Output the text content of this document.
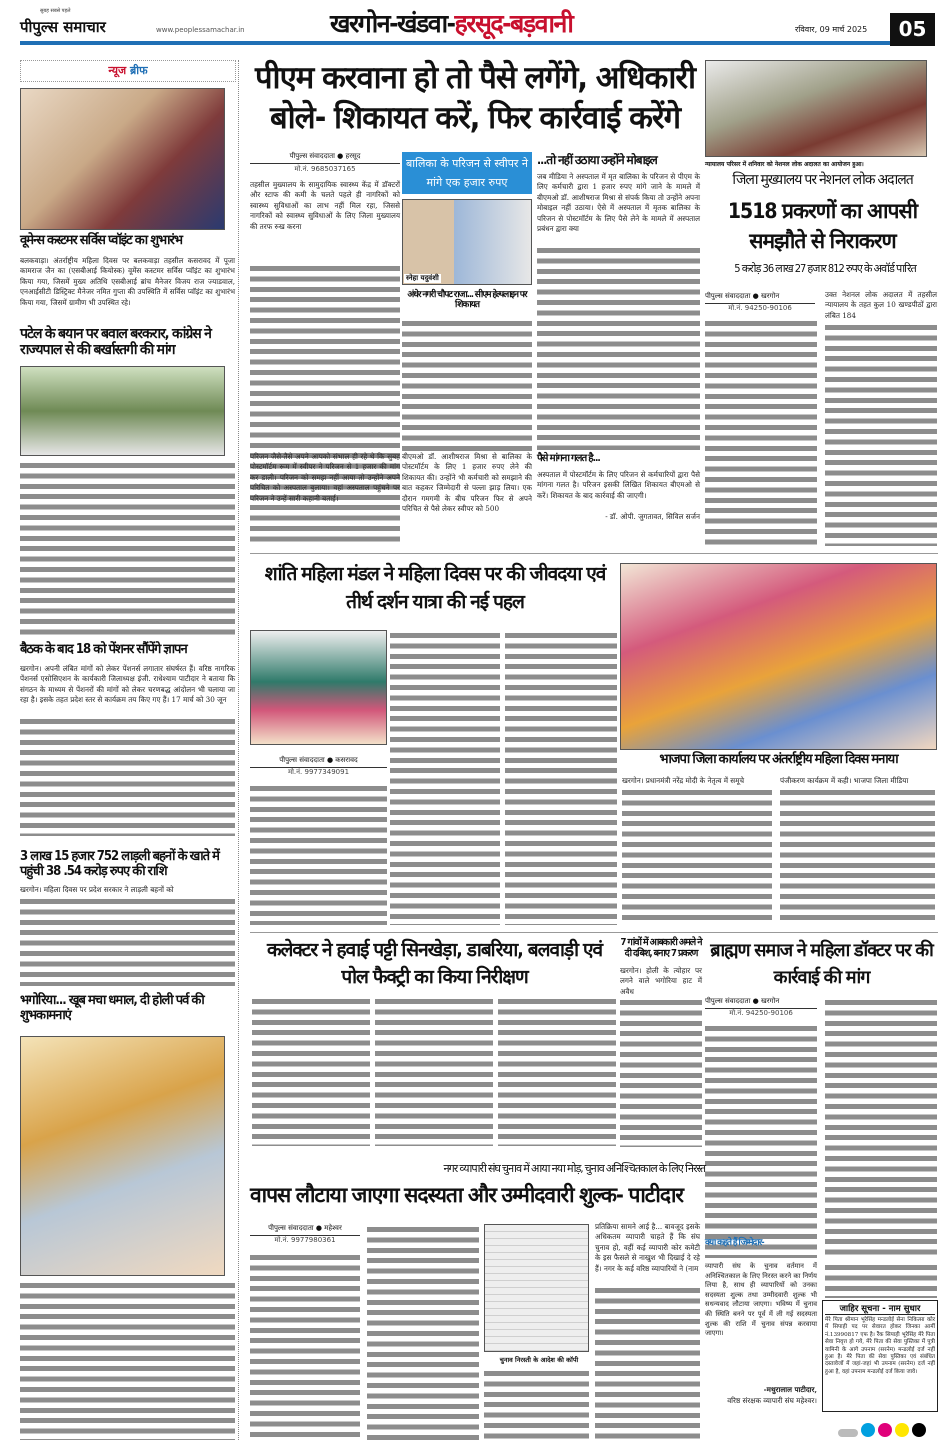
सुबह सबसे पहले
पीपुल्स समाचार	www.peoplessamachar.in	खरगोन-खंडवा-हरसूद-बड़वानी	रविवार, 09 मार्च 2025	05
न्यूज ब्रीफ
वूमेन्स कस्टमर सर्विस प्वॉइंट का शुभारंभ
बलकवाड़ा। अंतर्राष्ट्रीय महिला दिवस पर बलकवाड़ा तहसील कसरावद में पूजा कामराज जैन का (एसबीआई कियोस्क) वूमेंस कस्टमर सर्विस प्वॉइंट का शुभारंभ किया गया, जिसमें मुख्य अतिथि एसबीआई ब्रांच मैनेजर विजय राज ज्याडवाल, एनआईसीटी डिस्ट्रिक्ट मैनेजर नमित गुप्ता की उपस्थिति में सर्विस प्वॉइंट का शुभारंभ किया गया, जिसमें ग्रामीण भी उपस्थित रहे।
पटेल के बयान पर बवाल बरकरार, कांग्रेस ने राज्यपाल से की बर्खास्तगी की मांग
बैठक के बाद 18 को पेंशनर सौंपेंगे ज्ञापन
खरगोन। अपनी लंबित मांगों को लेकर पेंशनर्स लगातार संघर्षरत हैं। वरिष्ठ नागरिक पेंशनर्स एसोसिएशन के कार्यकारी जिलाध्यक्ष इंजी. राधेश्याम पाटीदार ने बताया कि संगठन के माध्यम से पेंशनरों की मांगों को लेकर चरणबद्ध आंदोलन भी चलाया जा रहा है। इसके तहत प्रदेश स्तर से कार्यक्रम तय किए गए हैं। 17 मार्च को 30 जून
3 लाख 15 हजार 752 लाड़ली बहनों के खाते में पहुंची 38 .54 करोड़ रुपए की राशि
खरगोन। महिला दिवस पर प्रदेश सरकार ने लाड़ली बहनों को
भगोरिया... खूब मचा धमाल, दी होली पर्व की शुभकामनाएं
पीएम करवाना हो तो पैसे लगेंगे, अधिकारी बोले- शिकायत करें, फिर कार्रवाई करेंगे
पीपुल्स संवाददाता ● हरसूद
मो.नं. 9685037165
तहसील मुख्यालय के सामुदायिक स्वास्थ्य केंद्र में डॉक्टरों और स्टाफ की कमी के चलते पहले ही नागरिकों को स्वास्थ्य सुविधाओं का लाभ नहीं मिल रहा, जिससे नागरिकों को स्वास्थ्य सुविधाओं के लिए जिला मुख्यालय की तरफ रुख करना
बालिका के परिजन से स्वीपर ने मांगे एक हजार रुपए
स्नेहा यदुवंशी
अंधेर नगरी चौपट राजा... सीएम हेल्पलाइन पर शिकायत
परिजन जैसे-तैसे अपने आपको संभाल ही रहे थे कि सुबह पोस्टमॉर्टम रूम में स्वीपर ने परिजन से 1 हजार की मांग कर डाली। परिजन को समझ नहीं आया तो उन्होंने अपने परिचित को अस्पताल बुलाया। वहां अस्पताल पहुंचने पर परिजन ने उन्हें सारी कहानी बताई।
बीएमओ डॉ. आशीषराज मिश्रा से बालिका के पोस्टमॉर्टम के लिए 1 हजार रुपए लेने की शिकायत की। उन्होंने भी कर्मचारी को समझाने की बात कहकर जिम्मेदारी से पल्ला झाड़ लिया। एक दौरान गमगमी के बीच परिजन फिर से अपने परिचित से पैसे लेकर स्वीपर को 500
...तो नहीं उठाया उन्होंने मोबाइल
जब मीडिया ने अस्पताल में मृत बालिका के परिजन से पीएम के लिए कर्मचारी द्वारा 1 हजार रुपए मांगे जाने के मामले में बीएमओ डॉ. आशीषराज मिश्रा से संपर्क किया तो उन्होंने अपना मोबाइल नहीं उठाया। ऐसे में अस्पताल में मृतक बालिका के परिजन से पोस्टमॉर्टम के लिए पैसे लेने के मामले में अस्पताल प्रबंधन द्वारा क्या
पैसे मांगना गलत है...
अस्पताल में पोस्टमॉर्टम के लिए परिजन से कर्मचारियों द्वारा पैसे मांगना गलत है। परिजन इसकी लिखित शिकायत बीएमओ से करें। शिकायत के बाद कार्रवाई की जाएगी।
- डॉ. ओपी. जुगतावत, सिविल सर्जन
न्यायालय परिसर में शनिवार को नेशनल लोक अदालत का आयोजन हुआ।
जिला मुख्यालय पर नेशनल लोक अदालत
1518 प्रकरणों का आपसी समझौते से निराकरण
5 करोड़ 36 लाख 27 हजार 812 रुपए के अवॉर्ड पारित
पीपुल्स संवाददाता ● खरगोन
मो.नं. 94250-90106
उक्त नेशनल लोक अदालत में तहसील न्यायालय के तहत कुल 10 खण्डपीठों द्वारा लंबित 184
शांति महिला मंडल ने महिला दिवस पर की जीवदया एवं तीर्थ दर्शन यात्रा की नई पहल
पीपुल्स संवाददाता ● कसरावद
मो.नं. 9977349091
भाजपा जिला कार्यालय पर अंतर्राष्ट्रीय महिला दिवस मनाया
खरगोन। प्रधानमंत्री नरेंद्र मोदी के नेतृत्व में समूचे	पंजीकरण कार्यक्रम में कही। भाजपा जिला मीडिया
कलेक्टर ने हवाई पट्टी सिनखेड़ा, डाबरिया, बलवाड़ी एवं पोल फैक्ट्री का किया निरीक्षण
7 गांवों में आबकारी अमले ने दी दबिश, बनाए 7 प्रकरण
खरगोन। होली के त्योहार पर लगने वाले भगोरिया हाट में अवैध
ब्राह्मण समाज ने महिला डॉक्टर पर की कार्रवाई की मांग
पीपुल्स संवाददाता ● खरगोन
मो.नं. 94250-90106
नगर व्यापारी संघ चुनाव में आया नया मोड़, चुनाव अनिश्चितकाल के लिए निरस्त
वापस लौटाया जाएगा सदस्यता और उम्मीदवारी शुल्क- पाटीदार
पीपुल्स संवाददाता ● महेश्वर
मो.नं. 9977980361
चुनाव निरस्ती के आदेश की कॉपी
प्रतिक्रिया सामने आई है... बावजूद इसके अधिकतम व्यापारी चाहते हैं कि संघ चुनाव हो, वहीं कई व्यापारी कोर कमेटी के इस फैसले से नाखुश भी दिखाई दे रहे हैं। नगर के कई वरिष्ठ व्यापारियों ने (नाम
क्या कहते हैं जिम्मेदार-
व्यापारी संघ के चुनाव वर्तमान में अनिश्चितकाल के लिए निरस्त करने का निर्णय लिया है, साथ ही व्यापारियों को उनका सदस्यता शुल्क तथा उम्मीदवारी शुल्क भी सधन्यवाद लौटाया जाएगा। भविष्य में चुनाव की स्थिति बनने पर पूर्व में ली गई सदस्यता शुल्क की राशि में चुनाव संपन्न करवाया जाएगा।
-मथुरालाल पाटीदार,
वरिष्ठ संरक्षक व्यापारी संघ महेश्वर।
जाहिर सूचना - नाम सुधार
मेरे पिता श्रीमान भूरेसिंह मन्डलोई सेना निकित्सा कोर में सिपाही पद पर सेवारत होकर जिनका आर्मी नं.13990817 एफ है। रैंक सिपाही भूरेसिंह मेरे पिता सेवा निवृत्त हो गये, मेरे पिता की सेवा पुस्तिका में पुत्री यामिनी के आगे उपनाम (सरनेम) मन्डलोई दर्ज नहीं हुआ है। मेरे पिता की सेवा पुस्तिका एवं संबंधित दस्तावेजों में जहां-जहां भी उपनाम (सरनेम) दर्ज नहीं हुआ है, वहां उपनाम मन्डलोई दर्ज किया जावे।
